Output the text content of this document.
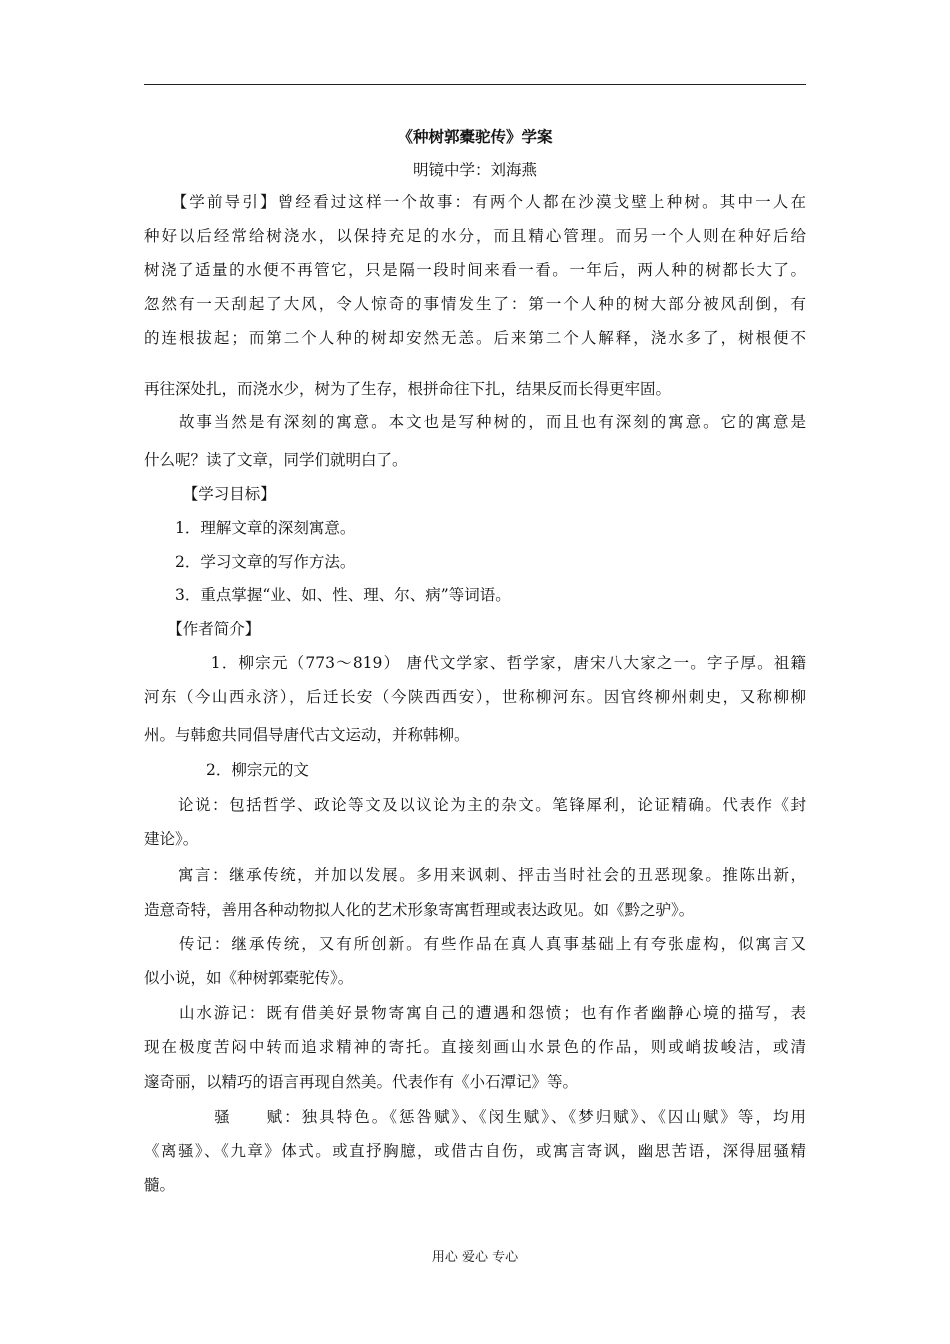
《种树郭橐驼传》学案
明镜中学：刘海燕
　　【学前导引】曾经看过这样一个故事：有两个人都在沙漠戈壁上种树。其中一人在
种好以后经常给树浇水，以保持充足的水分，而且精心管理。而另一个人则在种好后给
树浇了适量的水便不再管它，只是隔一段时间来看一看。一年后，两人种的树都长大了。
忽然有一天刮起了大风，令人惊奇的事情发生了：第一个人种的树大部分被风刮倒，有
的连根拔起；而第二个人种的树却安然无恙。后来第二个人解释，浇水多了，树根便不
再往深处扎，而浇水少，树为了生存，根拼命往下扎，结果反而长得更牢固。
　　故事当然是有深刻的寓意。本文也是写种树的，而且也有深刻的寓意。它的寓意是
什么呢？读了文章，同学们就明白了。
　　　【学习目标】
　　1．理解文章的深刻寓意。
　　2．学习文章的写作方法。
　　3．重点掌握“业、如、性、理、尔、病”等词语。
　　【作者简介】
　　　　1．柳宗元（773～819） 唐代文学家、哲学家，唐宋八大家之一。字子厚。祖籍
河东（今山西永济），后迁长安（今陕西西安），世称柳河东。因官终柳州刺史，又称柳柳
州。与韩愈共同倡导唐代古文运动，并称韩柳。
　　　　2．柳宗元的文
　　论说：包括哲学、政论等文及以议论为主的杂文。笔锋犀利，论证精确。代表作《封
建论》。
　　寓言：继承传统，并加以发展。多用来讽刺、抨击当时社会的丑恶现象。推陈出新，
造意奇特，善用各种动物拟人化的艺术形象寄寓哲理或表达政见。如《黔之驴》。
　　传记：继承传统，又有所创新。有些作品在真人真事基础上有夸张虚构，似寓言又
似小说，如《种树郭橐驼传》。
　　山水游记：既有借美好景物寄寓自己的遭遇和怨愤；也有作者幽静心境的描写，表
现在极度苦闷中转而追求精神的寄托。直接刻画山水景色的作品，则或峭拔峻洁，或清
邃奇丽，以精巧的语言再现自然美。代表作有《小石潭记》等。
　　　　骚　　赋：独具特色。《惩咎赋》、《闵生赋》、《梦归赋》、《囚山赋》等，均用
《离骚》、《九章》体式。或直抒胸臆，或借古自伤，或寓言寄讽，幽思苦语，深得屈骚精
髓。
用心 爱心 专心
